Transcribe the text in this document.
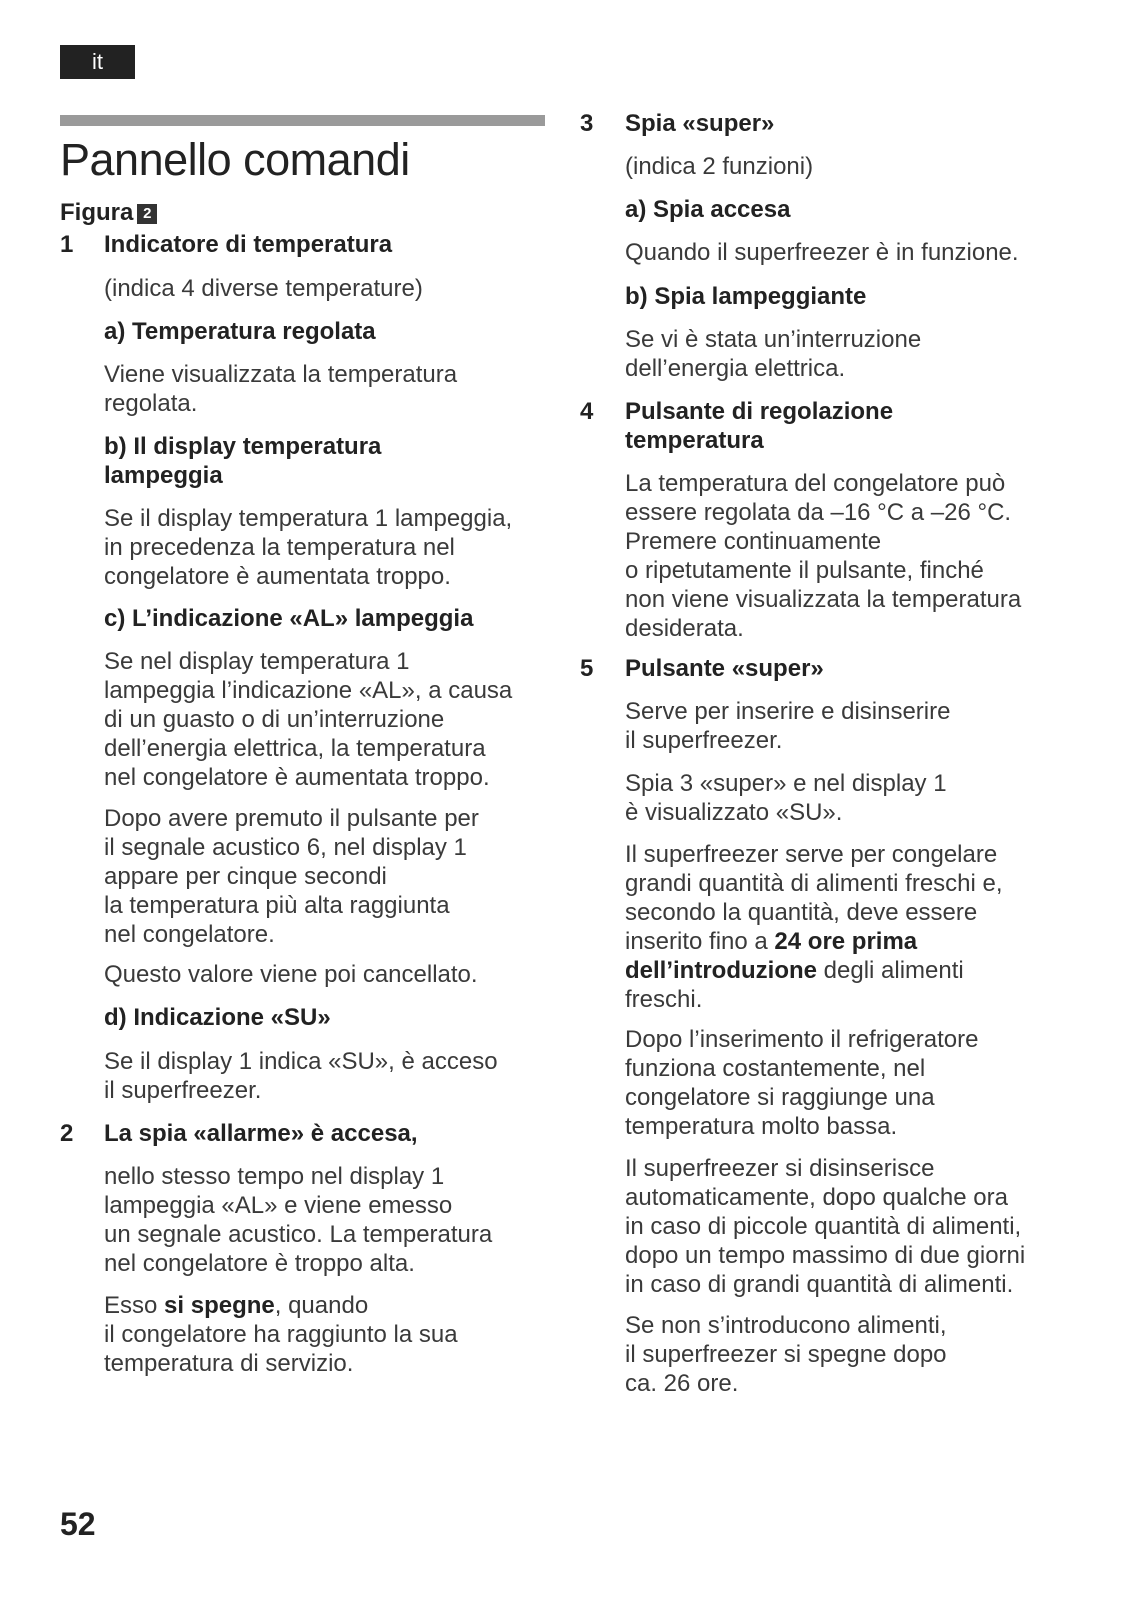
it
Pannello comandi
Figura 2
1 Indicatore di temperatura
(indica 4 diverse temperature)
a) Temperatura regolata
Viene visualizzata la temperatura
regolata.
b) Il display temperatura
lampeggia
Se il display temperatura 1 lampeggia,
in precedenza la temperatura nel
congelatore è aumentata troppo.
c) L’indicazione «AL» lampeggia
Se nel display temperatura 1
lampeggia l’indicazione «AL», a causa
di un guasto o di un’interruzione
dell’energia elettrica, la temperatura
nel congelatore è aumentata troppo.
Dopo avere premuto il pulsante per
il segnale acustico 6, nel display 1
appare per cinque secondi
la temperatura più alta raggiunta
nel congelatore.
Questo valore viene poi cancellato.
d) Indicazione «SU»
Se il display 1 indica «SU», è acceso
il superfreezer.
2 La spia «allarme» è accesa,
nello stesso tempo nel display 1
lampeggia «AL» e viene emesso
un segnale acustico. La temperatura
nel congelatore è troppo alta.
Esso si spegne, quando
il congelatore ha raggiunto la sua
temperatura di servizio.
3 Spia «super»
(indica 2 funzioni)
a) Spia accesa
Quando il superfreezer è in funzione.
b) Spia lampeggiante
Se vi è stata un’interruzione
dell’energia elettrica.
4 Pulsante di regolazione
temperatura
La temperatura del congelatore può
essere regolata da –16 °C a –26 °C.
Premere continuamente
o ripetutamente il pulsante, finché
non viene visualizzata la temperatura
desiderata.
5 Pulsante «super»
Serve per inserire e disinserire
il superfreezer.
Spia 3 «super» e nel display 1
è visualizzato «SU».
Il superfreezer serve per congelare
grandi quantità di alimenti freschi e,
secondo la quantità, deve essere
inserito fino a 24 ore prima
dell’introduzione degli alimenti
freschi.
Dopo l’inserimento il refrigeratore
funziona costantemente, nel
congelatore si raggiunge una
temperatura molto bassa.
Il superfreezer si disinserisce
automaticamente, dopo qualche ora
in caso di piccole quantità di alimenti,
dopo un tempo massimo di due giorni
in caso di grandi quantità di alimenti.
Se non s’introducono alimenti,
il superfreezer si spegne dopo
ca. 26 ore.
52
